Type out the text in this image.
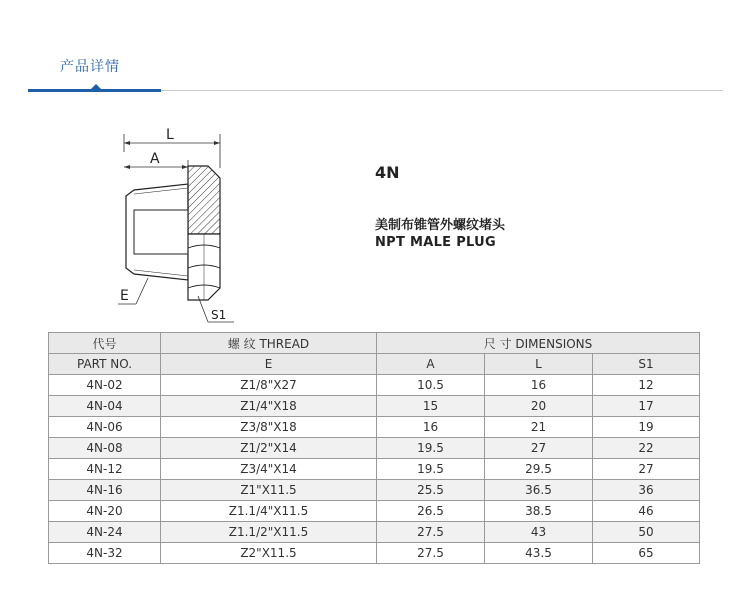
产品详情
L
A
E
S1
4N
美制布锥管外螺纹堵头
NPT MALE PLUG
代号	螺 纹 THREAD	尺 寸 DIMENSIONS		
PART NO.	E	A	L	S1
4N-02	Z1/8"X27	10.5	16	12
4N-04	Z1/4"X18	15	20	17
4N-06	Z3/8"X18	16	21	19
4N-08	Z1/2"X14	19.5	27	22
4N-12	Z3/4"X14	19.5	29.5	27
4N-16	Z1"X11.5	25.5	36.5	36
4N-20	Z1.1/4"X11.5	26.5	38.5	46
4N-24	Z1.1/2"X11.5	27.5	43	50
4N-32	Z2"X11.5	27.5	43.5	65
